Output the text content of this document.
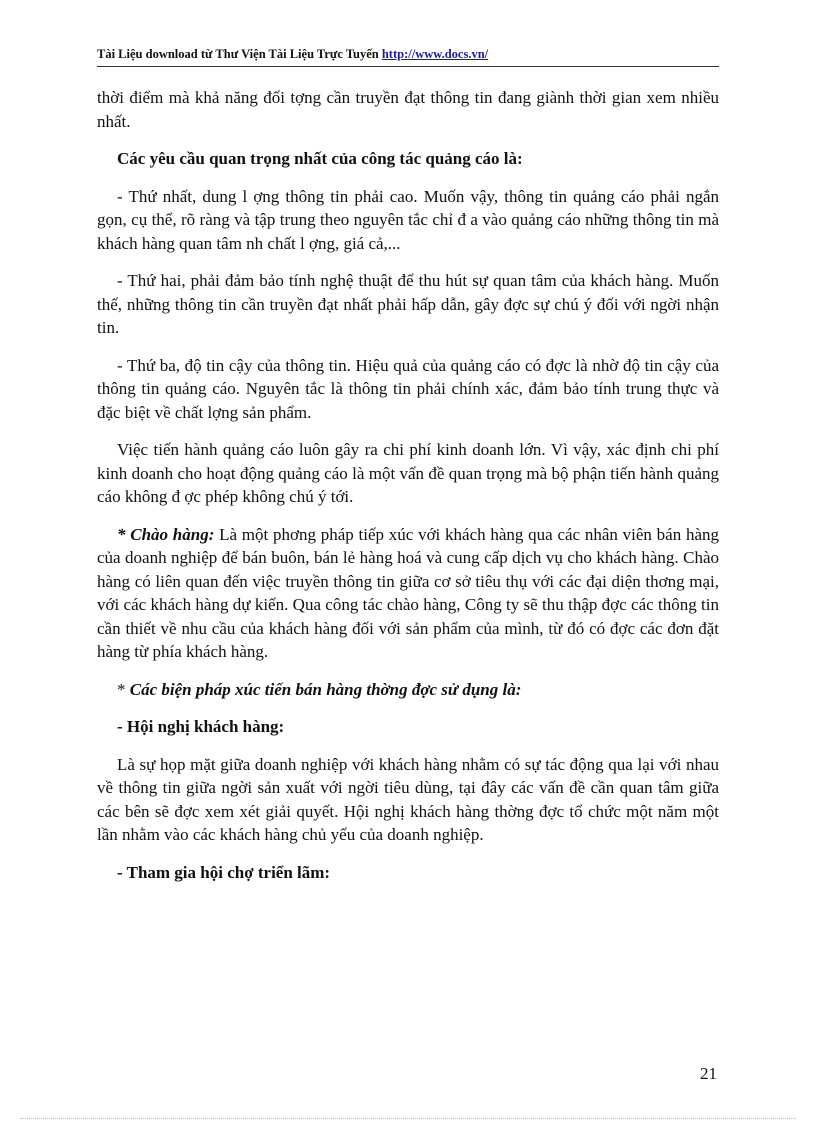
Tài Liệu download từ Thư Viện Tài Liệu Trực Tuyến http://www.docs.vn/

thời điểm mà khả năng đối tợng cần truyền đạt thông tin đang giành thời gian xem nhiều nhất.

Các yêu cầu quan trọng nhất của công tác quảng cáo là:

- Thứ nhất, dung l ợng thông tin phải cao. Muốn vậy, thông tin quảng cáo phải ngắn gọn, cụ thể, rõ ràng và tập trung theo nguyên tắc chỉ đ a vào quảng cáo những thông tin mà khách hàng quan tâm nh chất l ợng, giá cả,...

- Thứ hai, phải đảm bảo tính nghệ thuật để thu hút sự quan tâm của khách hàng. Muốn thế, những thông tin cần truyền đạt nhất phải hấp dẫn, gây đợc sự chú ý đối với ngời nhận tin.

- Thứ ba, độ tin cậy của thông tin. Hiệu quả của quảng cáo có đợc là nhờ độ tin cậy của thông tin quảng cáo. Nguyên tắc là thông tin phải chính xác, đảm bảo tính trung thực và đặc biệt về chất lợng sản phẩm.

Việc tiến hành quảng cáo luôn gây ra chi phí kinh doanh lớn. Vì vậy, xác định chi phí kinh doanh cho hoạt động quảng cáo là một vấn đề quan trọng mà bộ phận tiến hành quảng cáo không đ ợc phép không chú ý tới.

* Chào hàng: Là một phơng pháp tiếp xúc với khách hàng qua các nhân viên bán hàng của doanh nghiệp để bán buôn, bán lẻ hàng hoá và cung cấp dịch vụ cho khách hàng. Chào hàng có liên quan đến việc truyền thông tin giữa cơ sở tiêu thụ với các đại diện thơng mại, với các khách hàng dự kiến. Qua công tác chào hàng, Công ty sẽ thu thập đợc các thông tin cần thiết về nhu cầu của khách hàng đối với sản phẩm của mình, từ đó có đợc các đơn đặt hàng từ phía khách hàng.

* Các biện pháp xúc tiến bán hàng thờng đợc sử dụng là:

- Hội nghị khách hàng:

Là sự họp mặt giữa doanh nghiệp với khách hàng nhằm có sự tác động qua lại với nhau về thông tin giữa ngời sản xuất với ngời tiêu dùng, tại đây các vấn đề cần quan tâm giữa các bên sẽ đợc xem xét giải quyết. Hội nghị khách hàng thờng đợc tổ chức một năm một lần nhằm vào các khách hàng chủ yếu của doanh nghiệp.

- Tham gia hội chợ triển lãm:

21
